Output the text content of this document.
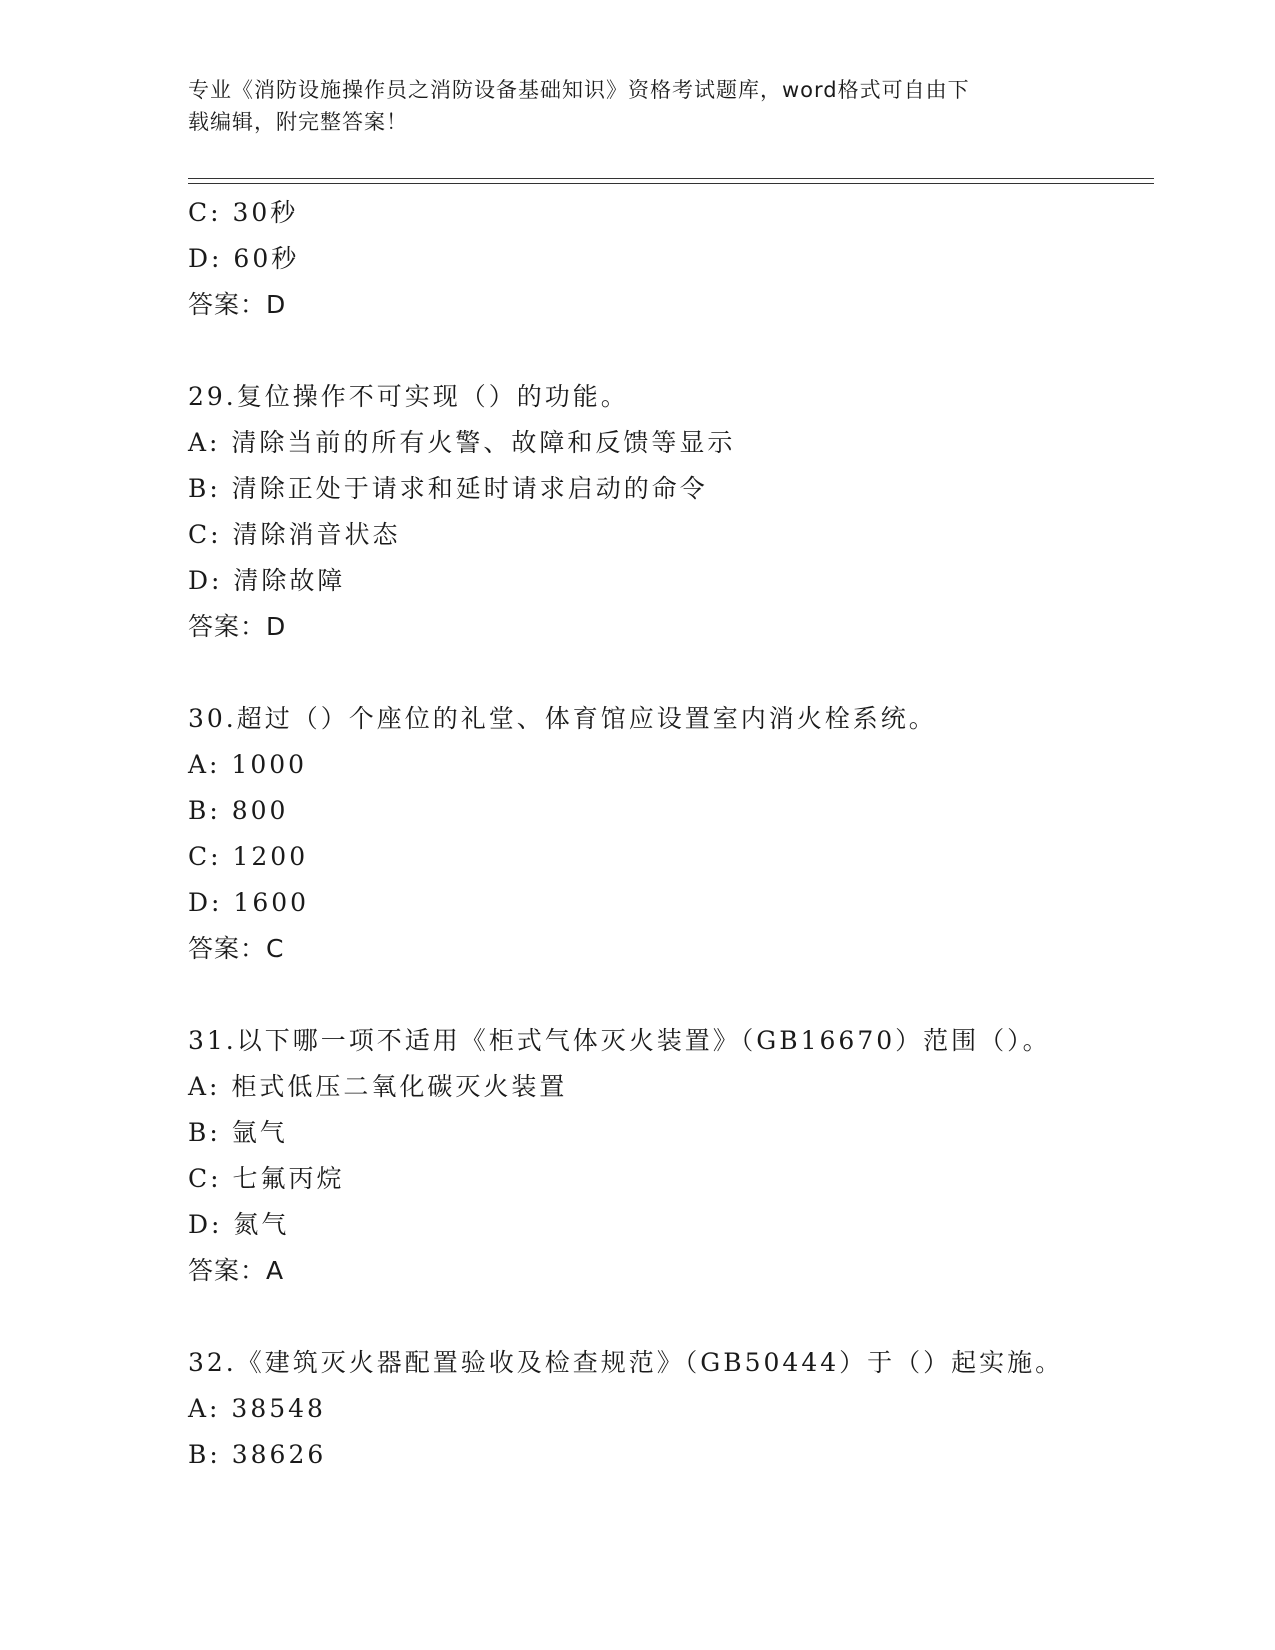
专业《消防设施操作员之消防设备基础知识》资格考试题库，word格式可自由下
载编辑，附完整答案！
C: 30秒
D: 60秒
答案：D
29.复位操作不可实现（）的功能。
A: 清除当前的所有火警、故障和反馈等显示
B: 清除正处于请求和延时请求启动的命令
C: 清除消音状态
D: 清除故障
答案：D
30.超过（）个座位的礼堂、体育馆应设置室内消火栓系统。
A: 1000
B: 800
C: 1200
D: 1600
答案：C
31.以下哪一项不适用《柜式气体灭火装置》（GB16670）范围（）。
A: 柜式低压二氧化碳灭火装置
B: 氩气
C: 七氟丙烷
D: 氮气
答案：A
32.《建筑灭火器配置验收及检查规范》（GB50444）于（）起实施。
A: 38548
B: 38626
